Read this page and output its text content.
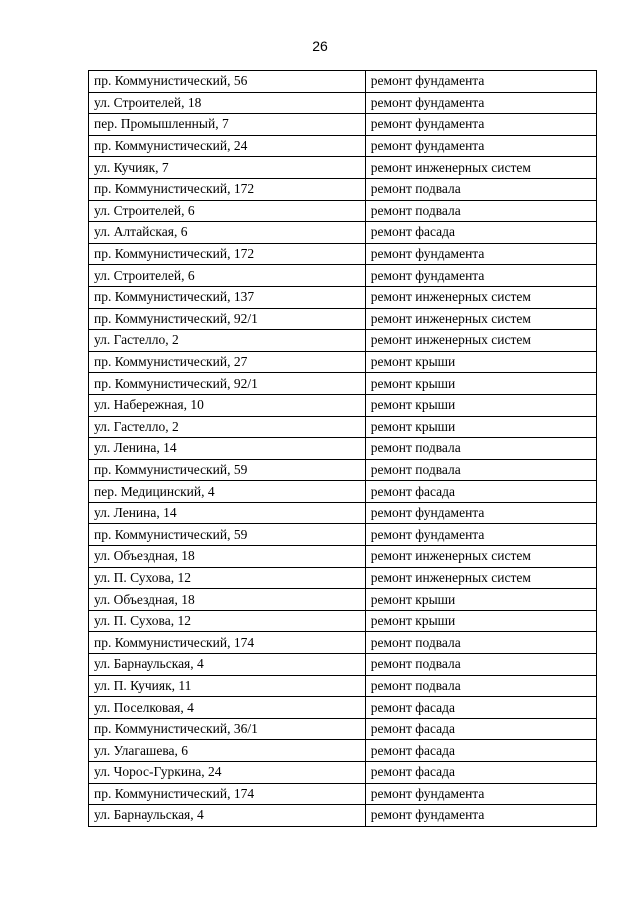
26
пр. Коммунистический, 56	ремонт фундамента
ул. Строителей, 18	ремонт фундамента
пер. Промышленный, 7	ремонт фундамента
пр. Коммунистический, 24	ремонт фундамента
ул. Кучияк, 7	ремонт инженерных систем
пр. Коммунистический, 172	ремонт подвала
ул. Строителей, 6	ремонт подвала
ул. Алтайская, 6	ремонт фасада
пр. Коммунистический, 172	ремонт фундамента
ул. Строителей, 6	ремонт фундамента
пр. Коммунистический, 137	ремонт инженерных систем
пр. Коммунистический, 92/1	ремонт инженерных систем
ул. Гастелло, 2	ремонт инженерных систем
пр. Коммунистический, 27	ремонт крыши
пр. Коммунистический, 92/1	ремонт крыши
ул. Набережная, 10	ремонт крыши
ул. Гастелло, 2	ремонт крыши
ул. Ленина, 14	ремонт подвала
пр. Коммунистический, 59	ремонт подвала
пер. Медицинский, 4	ремонт фасада
ул. Ленина, 14	ремонт фундамента
пр. Коммунистический, 59	ремонт фундамента
ул. Объездная, 18	ремонт инженерных систем
ул. П. Сухова, 12	ремонт инженерных систем
ул. Объездная, 18	ремонт крыши
ул. П. Сухова, 12	ремонт крыши
пр. Коммунистический, 174	ремонт подвала
ул. Барнаульская, 4	ремонт подвала
ул. П. Кучияк, 11	ремонт подвала
ул. Поселковая, 4	ремонт фасада
пр. Коммунистический, 36/1	ремонт фасада
ул. Улагашева, 6	ремонт фасада
ул. Чорос-Гуркина, 24	ремонт фасада
пр. Коммунистический, 174	ремонт фундамента
ул. Барнаульская, 4	ремонт фундамента
